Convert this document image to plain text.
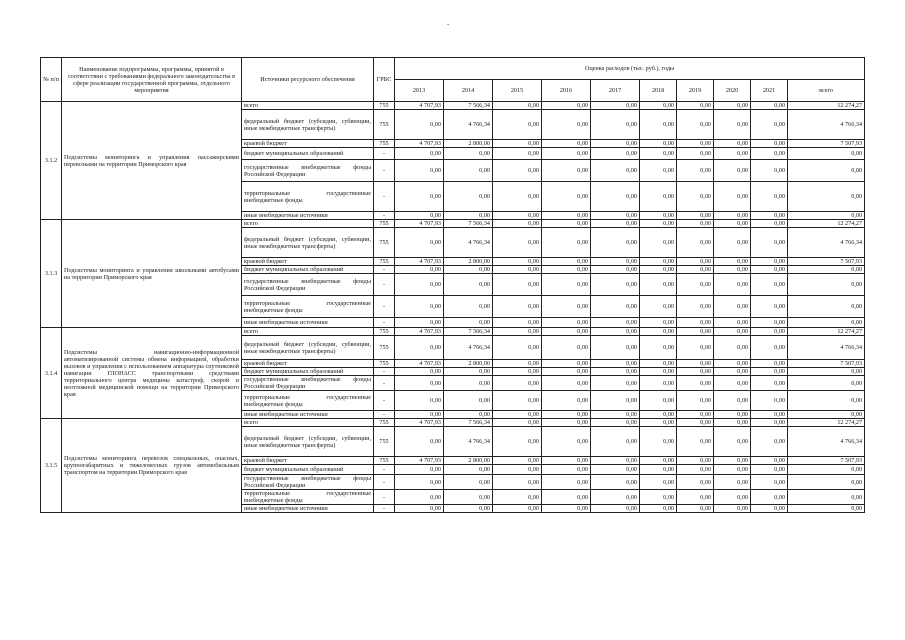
-
№ п/п	Наименование подпрограммы, программы, принятой в соответствии с требованиями федерального законодательства в сфере реализации государственной программы, отдельного мероприятия	Источники ресурсного обеспечения	ГРБС	Оценка расходов (тыс. руб.), годы									
				2013	2014	2015	2016	2017	2018	2019	2020	2021	всего
3.1.2	Подсистемы мониторинга и управления пассажирскими перевозками на территории Приморского края	всего	755	4 707,93	7 566,34	0,00	0,00	0,00	0,00	0,00	0,00	0,00	12 274,27
		федеральный бюджет (субсидии, субвенции, иные межбюджетные трансферты)	755	0,00	4 766,34	0,00	0,00	0,00	0,00	0,00	0,00	0,00	4 766,34
		краевой бюджет	755	4 707,93	2 800,00	0,00	0,00	0,00	0,00	0,00	0,00	0,00	7 507,93
		бюджет муниципальных образований	-	0,00	0,00	0,00	0,00	0,00	0,00	0,00	0,00	0,00	0,00
		государственные внебюджетные фонды Российской Федерации	-	0,00	0,00	0,00	0,00	0,00	0,00	0,00	0,00	0,00	0,00
		территориальные государственные внебюджетные фонды	-	0,00	0,00	0,00	0,00	0,00	0,00	0,00	0,00	0,00	0,00
		иные внебюджетные источники	-	0,00	0,00	0,00	0,00	0,00	0,00	0,00	0,00	0,00	0,00
3.1.3	Подсистемы мониторинга и управления школьными автобусами на территории Приморского края	всего	755	4 707,93	7 566,34	0,00	0,00	0,00	0,00	0,00	0,00	0,00	12 274,27
		федеральный бюджет (субсидии, субвенции, иные межбюджетные трансферты)	755	0,00	4 766,34	0,00	0,00	0,00	0,00	0,00	0,00	0,00	4 766,34
		краевой бюджет	755	4 707,93	2 800,00	0,00	0,00	0,00	0,00	0,00	0,00	0,00	7 507,93
		бюджет муниципальных образований	-	0,00	0,00	0,00	0,00	0,00	0,00	0,00	0,00	0,00	0,00
		государственные внебюджетные фонды Российской Федерации	-	0,00	0,00	0,00	0,00	0,00	0,00	0,00	0,00	0,00	0,00
		территориальные государственные внебюджетные фонды	-	0,00	0,00	0,00	0,00	0,00	0,00	0,00	0,00	0,00	0,00
		иные внебюджетные источники	-	0,00	0,00	0,00	0,00	0,00	0,00	0,00	0,00	0,00	0,00
3.1.4	Подсистемы навигационно-информационной автоматизированной системы обмена информацией, обработки вызовов и управления с использованием аппаратуры спутниковой навигации ГЛОНАСС транспортными средствами территориального центра медицины катастроф, скорой и неотложной медицинской помощи на территории Приморского края	всего	755	4 707,93	7 566,34	0,00	0,00	0,00	0,00	0,00	0,00	0,00	12 274,27
		федеральный бюджет (субсидии, субвенции, иные межбюджетные трансферты)	755	0,00	4 766,34	0,00	0,00	0,00	0,00	0,00	0,00	0,00	4 766,34
		краевой бюджет	755	4 707,93	2 800,00	0,00	0,00	0,00	0,00	0,00	0,00	0,00	7 507,93
		бюджет муниципальных образований	-	0,00	0,00	0,00	0,00	0,00	0,00	0,00	0,00	0,00	0,00
		государственные внебюджетные фонды Российской Федерации	-	0,00	0,00	0,00	0,00	0,00	0,00	0,00	0,00	0,00	0,00
		территориальные государственные внебюджетные фонды	-	0,00	0,00	0,00	0,00	0,00	0,00	0,00	0,00	0,00	0,00
		иные внебюджетные источники	-	0,00	0,00	0,00	0,00	0,00	0,00	0,00	0,00	0,00	0,00
3.1.5	Подсистемы мониторинга перевозок специальных, опасных, крупногабаритных и тяжеловесных грузов автомобильным транспортом на территории Приморского края	всего	755	4 707,93	7 566,34	0,00	0,00	0,00	0,00	0,00	0,00	0,00	12 274,27
		федеральный бюджет (субсидии, субвенции, иные межбюджетные трансферты)	755	0,00	4 766,34	0,00	0,00	0,00	0,00	0,00	0,00	0,00	4 766,34
		краевой бюджет	755	4 707,93	2 800,00	0,00	0,00	0,00	0,00	0,00	0,00	0,00	7 507,93
		бюджет муниципальных образований	-	0,00	0,00	0,00	0,00	0,00	0,00	0,00	0,00	0,00	0,00
		государственные внебюджетные фонды Российской Федерации	-	0,00	0,00	0,00	0,00	0,00	0,00	0,00	0,00	0,00	0,00
		территориальные государственные внебюджетные фонды	-	0,00	0,00	0,00	0,00	0,00	0,00	0,00	0,00	0,00	0,00
		иные внебюджетные источники	-	0,00	0,00	0,00	0,00	0,00	0,00	0,00	0,00	0,00	0,00
